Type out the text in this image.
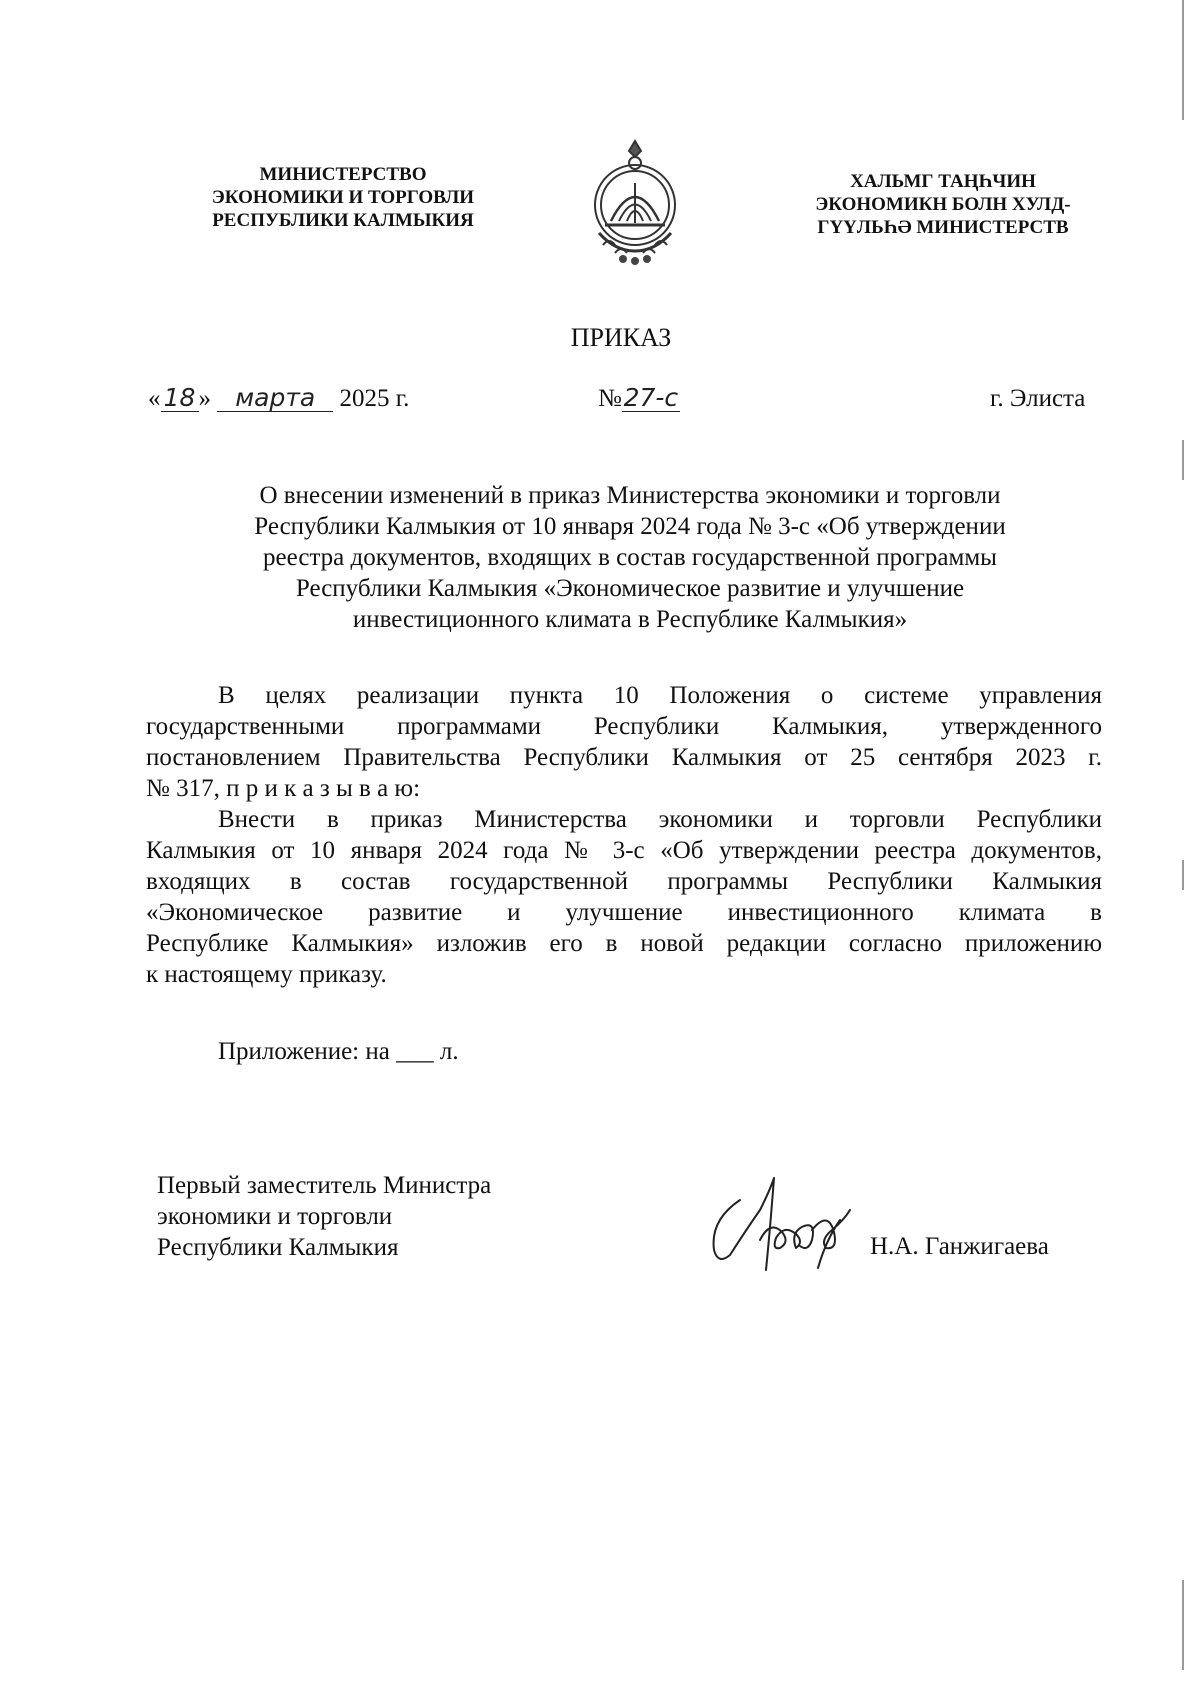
МИНИСТЕРСТВО
ЭКОНОМИКИ И ТОРГОВЛИ
РЕСПУБЛИКИ КАЛМЫКИЯ
ХАЛЬМГ ТАҢҺЧИН
ЭКОНОМИКН БОЛН ХУЛД-
ГҮҮЛЬҺӘ МИНИСТЕРСТВ
ПРИКАЗ
« 18 » марта 2025 г.	№27-с	г. Элиста
О внесении изменений в приказ Министерства экономики и торговли
Республики Калмыкия от 10 января 2024 года № 3-с «Об утверждении
реестра документов, входящих в состав государственной программы
Республики Калмыкия «Экономическое развитие и улучшение
инвестиционного климата в Республике Калмыкия»
В целях реализации пункта 10 Положения о системе управления
государственными программами Республики Калмыкия, утвержденного
постановлением Правительства Республики Калмыкия от 25 сентября 2023 г.
№ 317, п р и к а з ы в а ю:
Внести в приказ Министерства экономики и торговли Республики
Калмыкия от 10 января 2024 года № 3-с «Об утверждении реестра документов,
входящих в состав государственной программы Республики Калмыкия
«Экономическое развитие и улучшение инвестиционного климата в
Республике Калмыкия» изложив его в новой редакции согласно приложению
к настоящему приказу.
Приложение: на ___ л.
Первый заместитель Министра
экономики и торговли
Республики Калмыкия	Н.А. Ганжигаева
